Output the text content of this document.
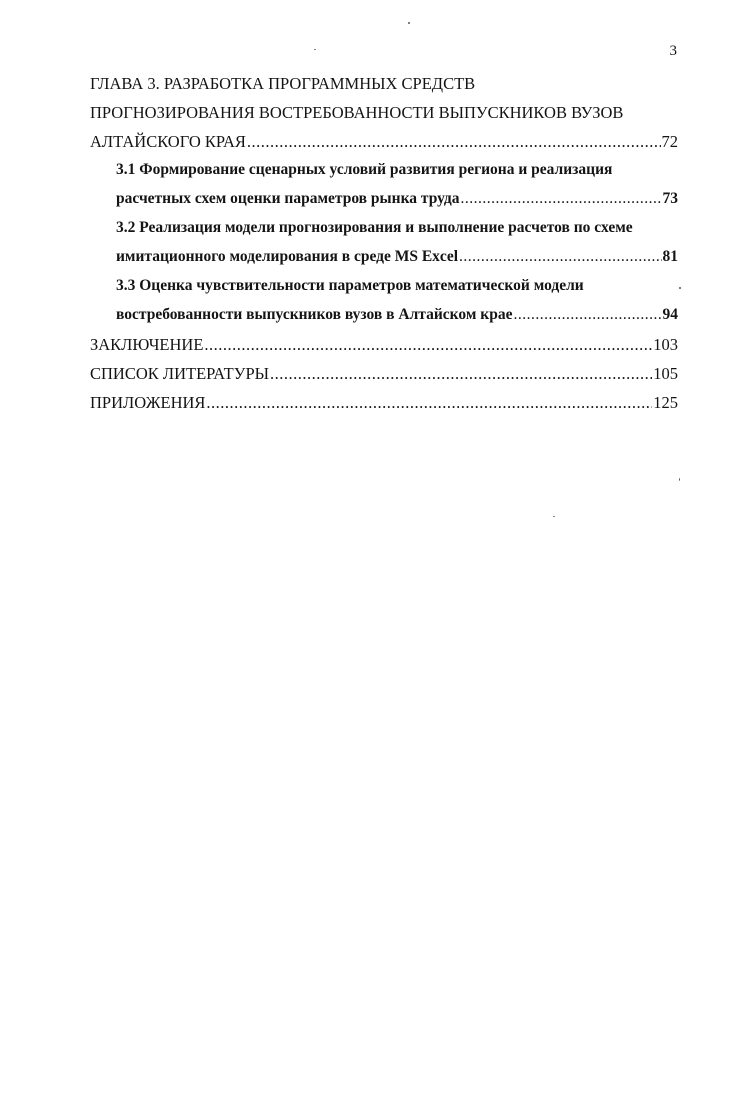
3
ГЛАВА 3. РАЗРАБОТКА ПРОГРАММНЫХ СРЕДСТВ
ПРОГНОЗИРОВАНИЯ ВОСТРЕБОВАННОСТИ ВЫПУСКНИКОВ ВУЗОВ
АЛТАЙСКОГО КРАЯ .....	72
3.1 Формирование сценарных условий развития региона и реализация
расчетных схем оценки параметров рынка труда .....	73
3.2 Реализация модели прогнозирования и выполнение расчетов по схеме
имитационного моделирования в среде MS Excel .....	81
3.3 Оценка чувствительности параметров математической модели
востребованности выпускников вузов в Алтайском крае .....	94
ЗАКЛЮЧЕНИЕ .....	103
СПИСОК ЛИТЕРАТУРЫ .....	105
ПРИЛОЖЕНИЯ .....	125
